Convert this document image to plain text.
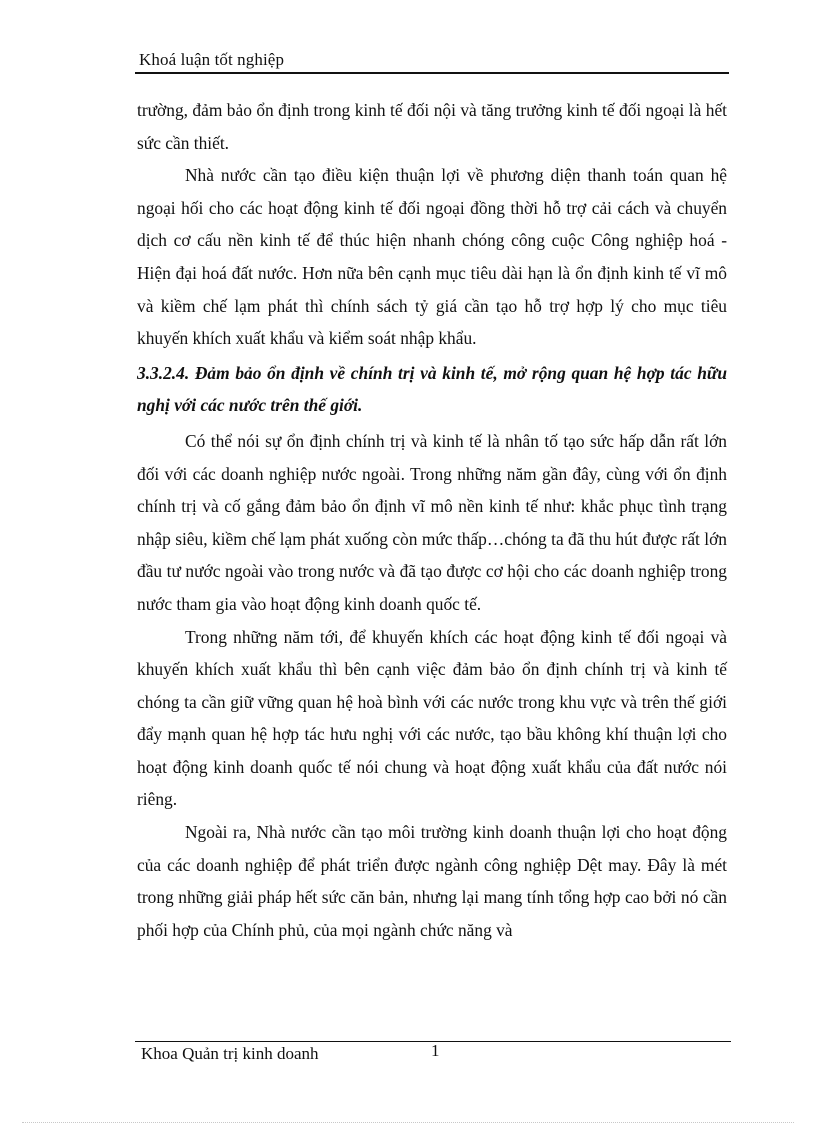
Khoá luận tốt nghiệp

trường, đảm bảo ổn định trong kinh tế đối nội và tăng trưởng kinh tế đối ngoại là hết sức cần thiết.

Nhà nước cần tạo điều kiện thuận lợi về phương diện thanh toán quan hệ ngoại hối cho các hoạt động kinh tế đối ngoại đồng thời hỗ trợ cải cách và chuyển dịch cơ cấu nền kinh tế để thúc hiện nhanh chóng công cuộc Công nghiệp hoá - Hiện đại hoá đất nước. Hơn nữa bên cạnh mục tiêu dài hạn là ổn định kinh tế vĩ mô và kiềm chế lạm phát thì chính sách tỷ giá cần tạo hỗ trợ hợp lý cho mục tiêu khuyến khích xuất khẩu và kiểm soát nhập khẩu.

3.3.2.4. Đảm bảo ổn định về chính trị và kinh tế, mở rộng quan hệ hợp tác hữu nghị với các nước trên thế giới.

Có thể nói sự ổn định chính trị và kinh tế là nhân tố tạo sức hấp dẫn rất lớn đối với các doanh nghiệp nước ngoài. Trong những năm gần đây, cùng với ổn định chính trị và cố gắng đảm bảo ổn định vĩ mô nền kinh tế như: khắc phục tình trạng nhập siêu, kiềm chế lạm phát xuống còn mức thấp…chóng ta đã thu hút được rất lớn đầu tư nước ngoài vào trong nước và đã tạo được cơ hội cho các doanh nghiệp trong nước tham gia vào hoạt động kinh doanh quốc tế.

Trong những năm tới, để khuyến khích các hoạt động kinh tế đối ngoại và khuyến khích xuất khẩu thì bên cạnh việc đảm bảo ổn định chính trị và kinh tế chóng ta cần giữ vững quan hệ hoà bình với các nước trong khu vực và trên thế giới đẩy mạnh quan hệ hợp tác hưu nghị với các nước, tạo bầu không khí thuận lợi cho hoạt động kinh doanh quốc tế nói chung và hoạt động xuất khẩu của đất nước nói riêng.

Ngoài ra, Nhà nước cần tạo môi trường kinh doanh thuận lợi cho hoạt động của các doanh nghiệp để phát triển được ngành công nghiệp Dệt may. Đây là mét trong những giải pháp hết sức căn bản, nhưng lại mang tính tổng hợp cao bởi nó cần phối hợp của Chính phủ, của mọi ngành chức năng và

Khoa Quản trị kinh doanh	1
